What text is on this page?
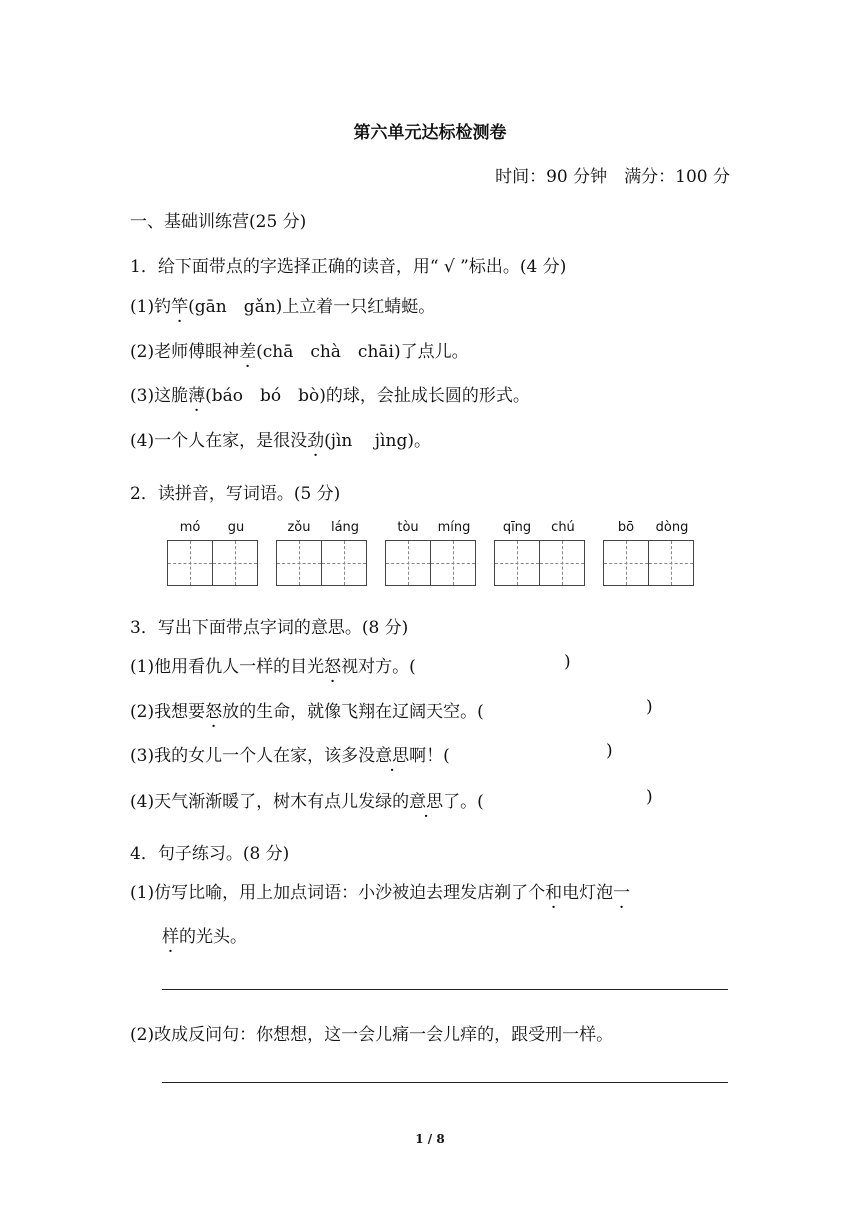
第六单元达标检测卷
时间：90 分钟　满分：100 分
一、基础训练营(25 分)
1．给下面带点的字选择正确的读音，用“ √ ”标出。(4 分)
(1)钓竿(gān　gǎn)上立着一只红蜻蜓。
(2)老师傅眼神差(chā　chà　chāi)了点儿。
(3)这脆薄(báo　bó　bò)的球，会扯成长圆的形式。
(4)一个人在家，是很没劲(jìn　 jìng)。
2．读拼音，写词语。(5 分)
mó	gu	zǒu	láng	tòu	míng	qīng	chú	bō	dòng
3．写出下面带点字词的意思。(8 分)
(1)他用看仇人一样的目光怒视对方。(	)
(2)我想要怒放的生命，就像飞翔在辽阔天空。(	)
(3)我的女儿一个人在家，该多没意思啊！(	)
(4)天气渐渐暖了，树木有点儿发绿的意思了。(	)
4．句子练习。(8 分)
(1)仿写比喻，用上加点词语：小沙被迫去理发店剃了个和电灯泡一
样的光头。
(2)改成反问句：你想想，这一会儿痛一会儿痒的，跟受刑一样。
1 / 8
